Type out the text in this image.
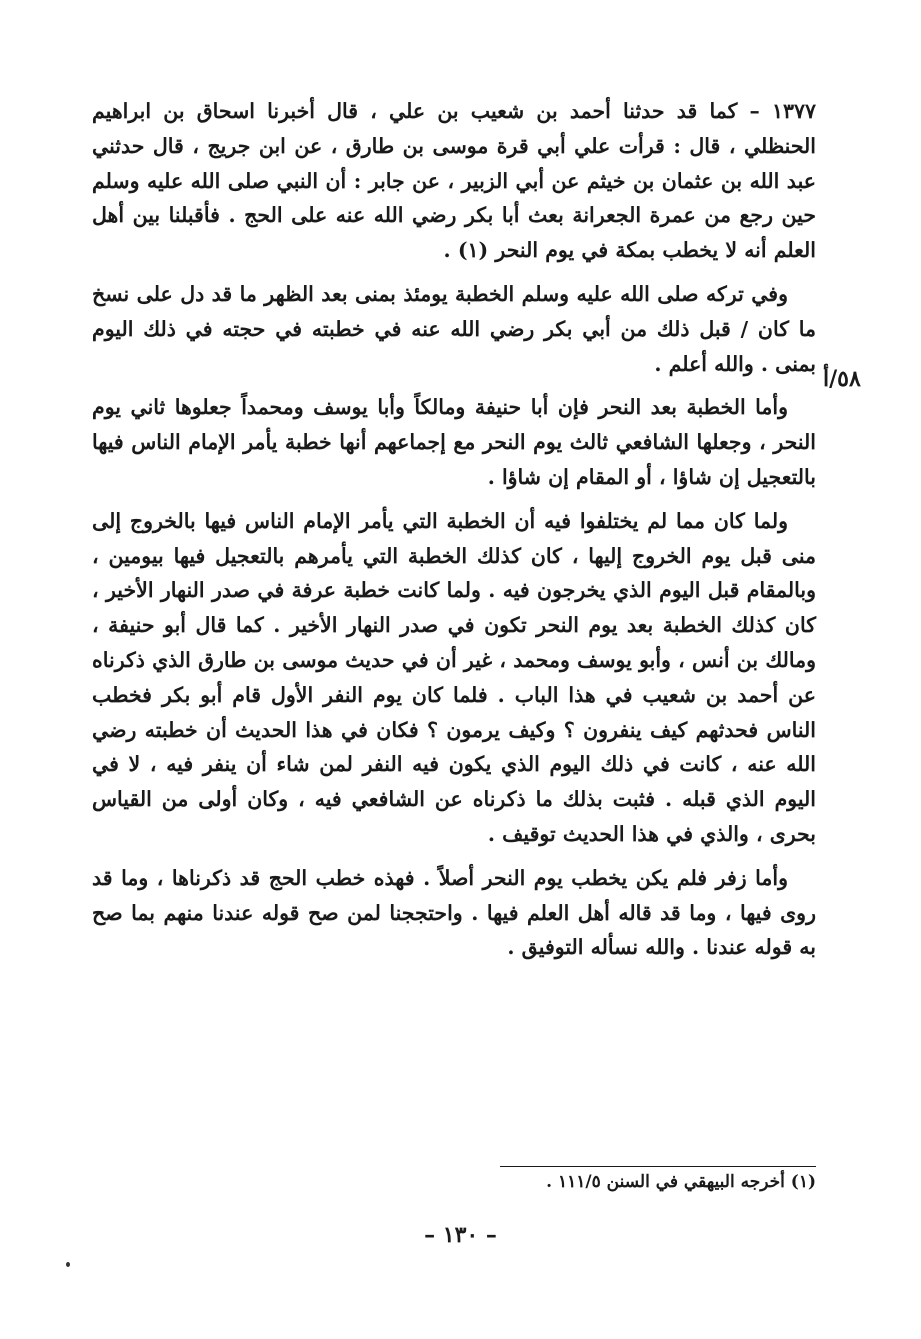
١٣٧٧ – كما قد حدثنا أحمد بن شعيب بن علي ، قال أخبرنا اسحاق بن ابراهيم الحنظلي ، قال : قرأت علي أبي قرة موسى بن طارق ، عن ابن جريج ، قال حدثني عبد الله بن عثمان بن خيثم عن أبي الزبير ، عن جابر : أن النبي صلى الله عليه وسلم حين رجع من عمرة الجعرانة بعث أبا بكر رضي الله عنه على الحج . فأقبلنا بين أهل العلم أنه لا يخطب بمكة في يوم النحر (١) .

وفي تركه صلى الله عليه وسلم الخطبة يومئذ بمنى بعد الظهر ما قد دل على نسخ ما كان / قبل ذلك من أبي بكر رضي الله عنه في خطبته في حجته في ذلك اليوم بمنى . والله أعلم .

وأما الخطبة بعد النحر فإن أبا حنيفة ومالكاً وأبا يوسف ومحمداً جعلوها ثاني يوم النحر ، وجعلها الشافعي ثالث يوم النحر مع إجماعهم أنها خطبة يأمر الإمام الناس فيها بالتعجيل إن شاؤا ، أو المقام إن شاؤا .

ولما كان مما لم يختلفوا فيه أن الخطبة التي يأمر الإمام الناس فيها بالخروج إلى منى قبل يوم الخروج إليها ، كان كذلك الخطبة التي يأمرهم بالتعجيل فيها بيومين ، وبالمقام قبل اليوم الذي يخرجون فيه . ولما كانت خطبة عرفة في صدر النهار الأخير ، كان كذلك الخطبة بعد يوم النحر تكون في صدر النهار الأخير . كما قال أبو حنيفة ، ومالك بن أنس ، وأبو يوسف ومحمد ، غير أن في حديث موسى بن طارق الذي ذكرناه عن أحمد بن شعيب في هذا الباب . فلما كان يوم النفر الأول قام أبو بكر فخطب الناس فحدثهم كيف ينفرون ؟ وكيف يرمون ؟ فكان في هذا الحديث أن خطبته رضي الله عنه ، كانت في ذلك اليوم الذي يكون فيه النفر لمن شاء أن ينفر فيه ، لا في اليوم الذي قبله . فثبت بذلك ما ذكرناه عن الشافعي فيه ، وكان أولى من القياس بحرى ، والذي في هذا الحديث توقيف .

وأما زفر فلم يكن يخطب يوم النحر أصلاً . فهذه خطب الحج قد ذكرناها ، وما قد روى فيها ، وما قد قاله أهل العلم فيها . واحتججنا لمن صح قوله عندنا منهم بما صح به قوله عندنا . والله نسأله التوفيق .

٥٨/أ
(١) أخرجه البيهقي في السنن ١١١/٥ .
– ١٣٠ –
